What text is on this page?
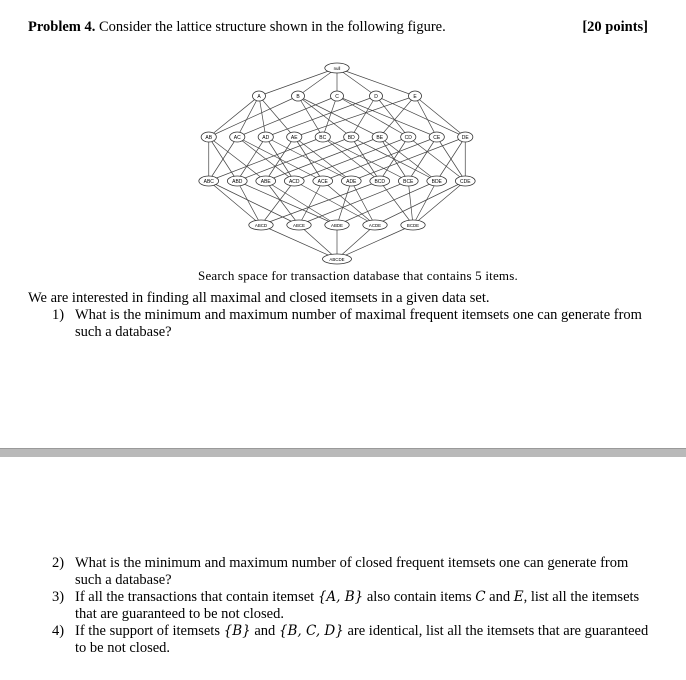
Problem 4. Consider the lattice structure shown in the following figure.	[20 points]
null
A	B	C	D	E
AB	AC	AD	AE	BC	BD	BE	CD	CE	DE
ABC	ABD	ABE	ACD	ACE	ADE	BCD	BCE	BDE	CDE
ABCD	ABCE	ABDE	ACDE	BCDE
ABCDE
Search space for transaction database that contains 5 items.
We are interested in finding all maximal and closed itemsets in a given data set.
1) What is the minimum and maximum number of maximal frequent itemsets one can generate from such a database?
2) What is the minimum and maximum number of closed frequent itemsets one can generate from such a database?
3) If all the transactions that contain itemset {A, B} also contain items C and E, list all the itemsets that are guaranteed to be not closed.
4) If the support of itemsets {B} and {B, C, D} are identical, list all the itemsets that are guaranteed to be not closed.
